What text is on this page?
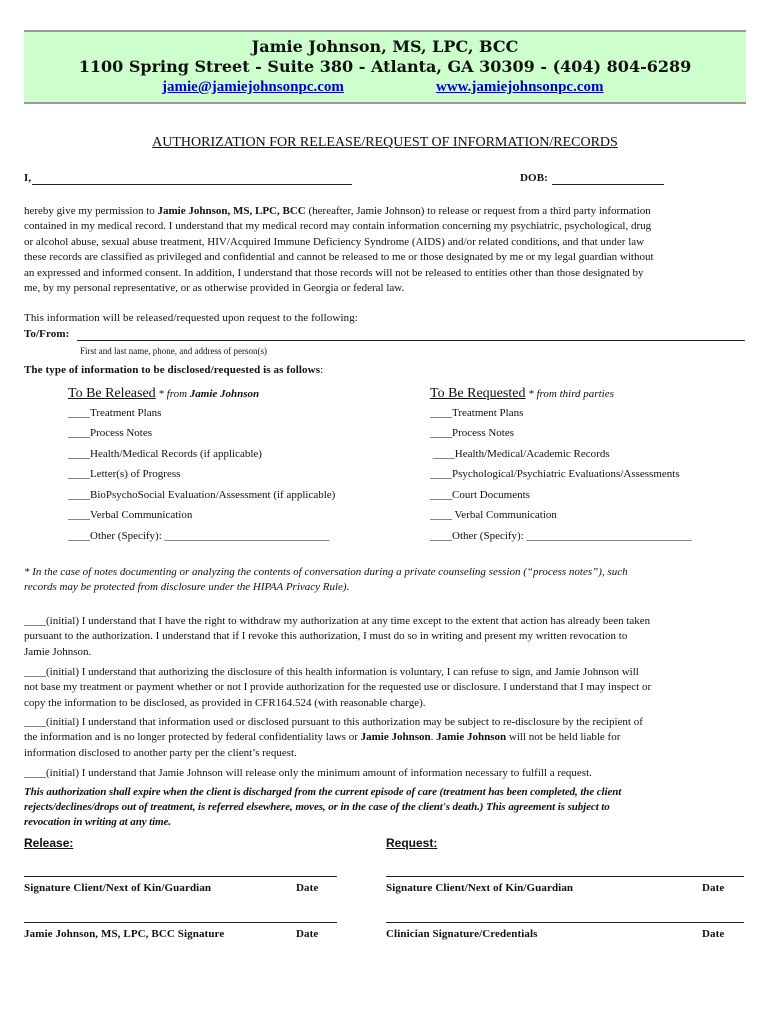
Jamie Johnson, MS, LPC, BCC
1100 Spring Street - Suite 380 - Atlanta, GA 30309 - (404) 804-6289
jamie@jamiejohnsonpc.com	www.jamiejohnsonpc.com
AUTHORIZATION FOR RELEASE/REQUEST OF INFORMATION/RECORDS
I,	DOB:
hereby give my permission to Jamie Johnson, MS, LPC, BCC (hereafter, Jamie Johnson) to release or request from a third party information
contained in my medical record. I understand that my medical record may contain information concerning my psychiatric, psychological, drug
or alcohol abuse, sexual abuse treatment, HIV/Acquired Immune Deficiency Syndrome (AIDS) and/or related conditions, and that under law
these records are classified as privileged and confidential and cannot be released to me or those designated by me or my legal guardian without
an expressed and informed consent. In addition, I understand that those records will not be released to entities other than those designated by
me, by my personal representative, or as otherwise provided in Georgia or federal law.
This information will be released/requested upon request to the following:
To/From:
First and last name, phone, and address of person(s)
The type of information to be disclosed/requested is as follows:
To Be Released * from Jamie Johnson
____Treatment Plans
____Process Notes
____Health/Medical Records (if applicable)
____Letter(s) of Progress
____BioPsychoSocial Evaluation/Assessment (if applicable)
____Verbal Communication
____Other (Specify): ______________________________
To Be Requested * from third parties
____Treatment Plans
____Process Notes
____Health/Medical/Academic Records
____Psychological/Psychiatric Evaluations/Assessments
____Court Documents
____ Verbal Communication
____Other (Specify): ______________________________
* In the case of notes documenting or analyzing the contents of conversation during a private counseling session (“process notes”), such
records may be protected from disclosure under the HIPAA Privacy Rule).
____(initial) I understand that I have the right to withdraw my authorization at any time except to the extent that action has already been taken
pursuant to the authorization. I understand that if I revoke this authorization, I must do so in writing and present my written revocation to
Jamie Johnson.
____(initial) I understand that authorizing the disclosure of this health information is voluntary, I can refuse to sign, and Jamie Johnson will
not base my treatment or payment whether or not I provide authorization for the requested use or disclosure. I understand that I may inspect or
copy the information to be disclosed, as provided in CFR164.524 (with reasonable charge).
____(initial) I understand that information used or disclosed pursuant to this authorization may be subject to re-disclosure by the recipient of
the information and is no longer protected by federal confidentiality laws or Jamie Johnson. Jamie Johnson will not be held liable for
information disclosed to another party per the client’s request.
____(initial) I understand that Jamie Johnson will release only the minimum amount of information necessary to fulfill a request.
This authorization shall expire when the client is discharged from the current episode of care (treatment has been completed, the client
rejects/declines/drops out of treatment, is referred elsewhere, moves, or in the case of the client's death.) This agreement is subject to
revocation in writing at any time.
Release:	Request:
Signature Client/Next of Kin/Guardian	Date	Signature Client/Next of Kin/Guardian	Date
Jamie Johnson, MS, LPC, BCC Signature	Date	Clinician Signature/Credentials	Date
